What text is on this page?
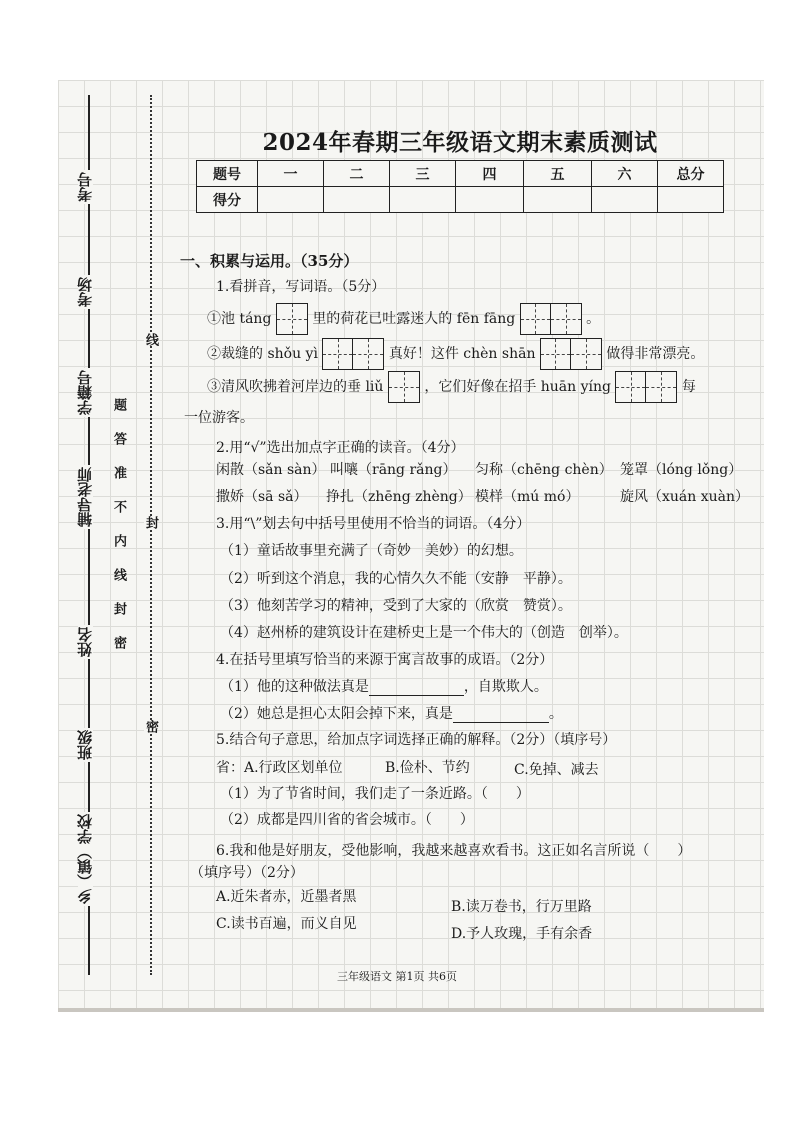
考号
考场
学籍号
辅导老师
姓名
班级
乡（镇）学校
题
答
准
不
内
线
封
密
线
封
密
2024年春期三年级语文期末素质测试
题号	一	二	三	四	五	六	总分
得分							
一、积累与运用。（35分）
1.看拼音，写词语。（5分）
①池 táng	里的荷花已吐露迷人的 fēn fāng	。
②裁缝的 shǒu yì	真好！这件 chèn shān	做得非常漂亮。
③清风吹拂着河岸边的垂 liǔ	，它们好像在招手 huān yíng	每
一位游客。
2.用“√”选出加点字正确的读音。（4分）
闲散（sǎn sàn） 叫嚷（rāng rǎng） 匀称（chēng chèn） 笼罩（lóng lǒng）
撒娇（sā sǎ） 挣扎（zhēng zhèng） 模样（mú mó）	旋风（xuán xuàn）
3.用“\”划去句中括号里使用不恰当的词语。（4分）
（1）童话故事里充满了（奇妙　美妙）的幻想。
（2）听到这个消息，我的心情久久不能（安静　平静）。
（3）他刻苦学习的精神，受到了大家的（欣赏　赞赏）。
（4）赵州桥的建筑设计在建桥史上是一个伟大的（创造　创举）。
4.在括号里填写恰当的来源于寓言故事的成语。（2分）
（1）他的这种做法真是	，自欺欺人。
（2）她总是担心太阳会掉下来，真是	。
5.结合句子意思，给加点字词选择正确的解释。（2分）（填序号）
省：A.行政区划单位	B.俭朴、节约	C.免掉、减去
（1）为了节省时间，我们走了一条近路。（　　）
（2）成都是四川省的省会城市。（　　）
6.我和他是好朋友，受他影响，我越来越喜欢看书。这正如名言所说（　　）
（填序号）（2分）
A.近朱者赤，近墨者黑
B.读万卷书，行万里路
C.读书百遍，而义自见
D.予人玫瑰，手有余香
三年级语文 第1页 共6页
